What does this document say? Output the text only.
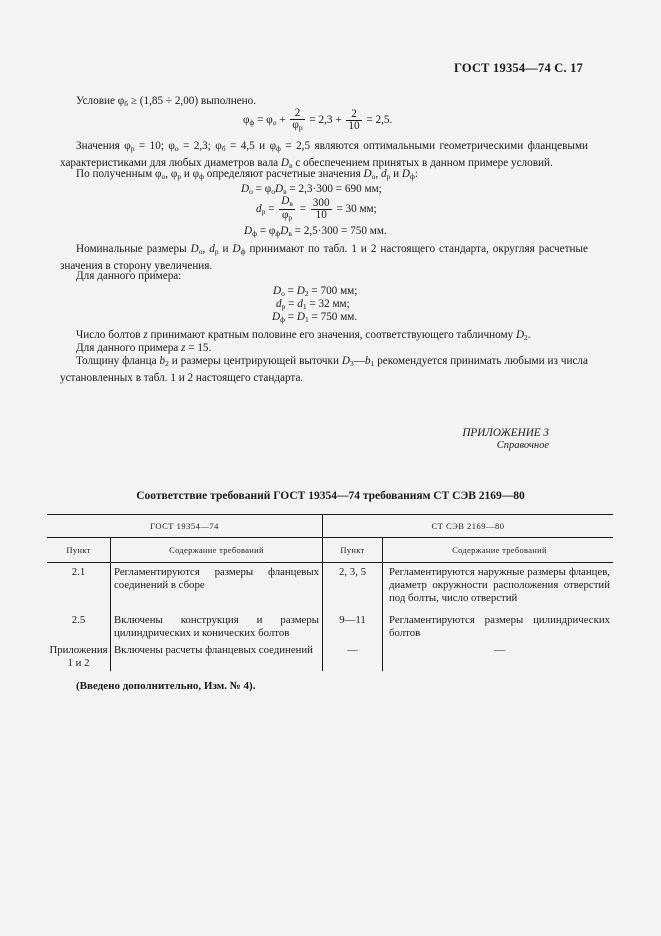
ГОСТ 19354—74 С. 17
Условие $\varphi_б \ge (1,85 \div 2,00)$ выполнено.
$\varphi_ф = \varphi_о + \frac{2}{\varphi_р} = 2,3 + \frac{2}{10} = 2,5$.
Значения $\varphi_р = 10$; $\varphi_о = 2,3$; $\varphi_б = 4,5$ и $\varphi_ф = 2,5$ являются оптимальными геометрическими фланцевыми характеристиками для любых диаметров вала $D_в$ с обеспечением принятых в данном примере условий.
По полученным $\varphi_о$, $\varphi_р$ и $\varphi_ф$ определяют расчетные значения $D_о$, $d_р$ и $D_ф$:
$D_о = \varphi_оD_в = 2,3\cdot 300 = 690$ мм;
$d_р = \frac{D_в}{\varphi_р} = \frac{300}{10} = 30$ мм;
$D_ф = \varphi_фD_в = 2,5\cdot 300 = 750$ мм.
Номинальные размеры $D_о$, $d_р$ и $D_ф$ принимают по табл. 1 и 2 настоящего стандарта, округляя расчетные значения в сторону увеличения.
Для данного примера:
$D_о = D_2 = 700$ мм;
$d_р = d_1 = 32$ мм;
$D_ф = D_1 = 750$ мм.
Число болтов z принимают кратным половине его значения, соответствующего табличному $D_2$.
Для данного примера z = 15.
Толщину фланца $b_2$ и размеры центрирующей выточки $D_3—b_1$ рекомендуется принимать любыми из числа установленных в табл. 1 и 2 настоящего стандарта.
ПРИЛОЖЕНИЕ 3
Справочное
Соответствие требований ГОСТ 19354—74 требованиям СТ СЭВ 2169—80
ГОСТ 19354—74		СТ СЭВ 2169—80	
Пункт	Содержание требований	Пункт	Содержание требований
2.1	Регламентируются размеры фланцевых соединений в сборе	2, 3, 5	Регламентируются наружные размеры фланцев, диаметр окружности расположения отверстий под болты, число отверстий
2.5	Включены конструкция и размеры цилиндрических и конических болтов	9—11	Регламентируются размеры цилиндрических болтов
Приложения 1 и 2	Включены расчеты фланцевых соединений	—	—
(Введено дополнительно, Изм. № 4).
